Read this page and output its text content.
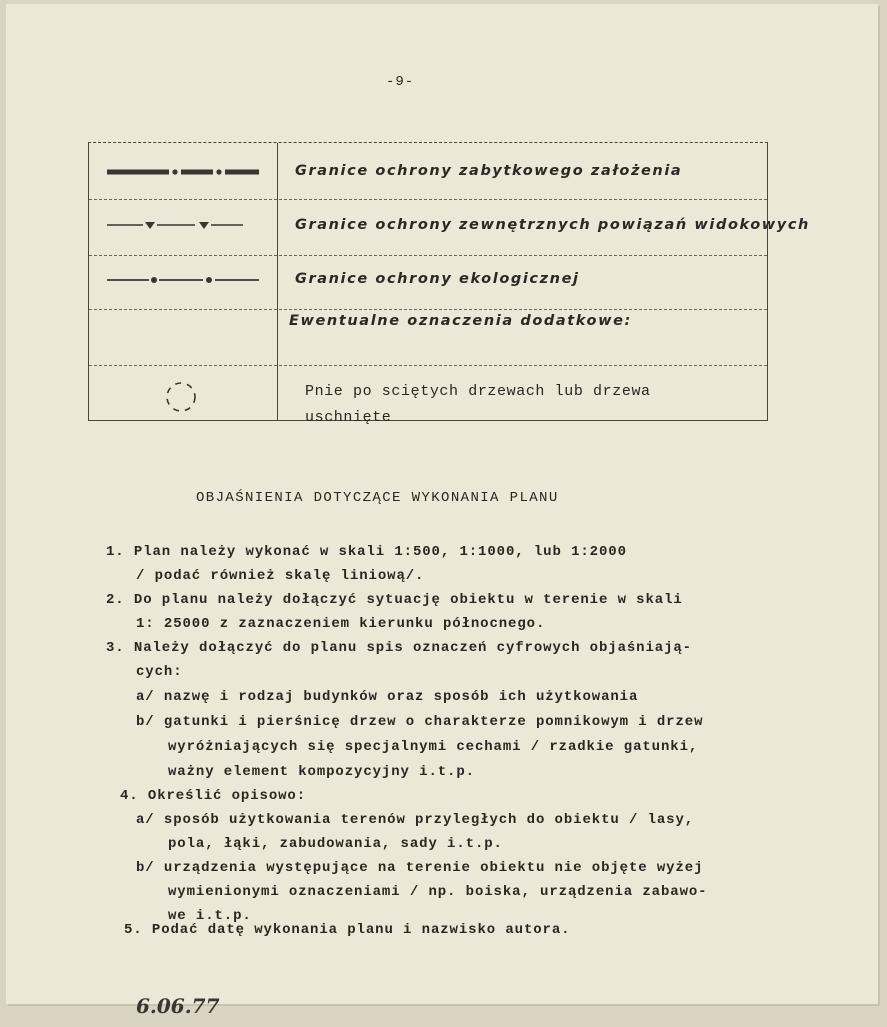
-9-
Granice ochrony zabytkowego założenia
Granice ochrony zewnętrznych powiązań widokowych
Granice ochrony ekologicznej
Ewentualne oznaczenia dodatkowe:
Pnie po sciętych drzewach lub drzewa
uschnięte
OBJAŚNIENIA DOTYCZĄCE WYKONANIA PLANU
1. Plan należy wykonać w skali 1:500, 1:1000, lub 1:2000
/ podać również skalę liniową/.
2. Do planu należy dołączyć sytuację obiektu w terenie w skali
1: 25000 z zaznaczeniem kierunku północnego.
3. Należy dołączyć do planu spis oznaczeń cyfrowych objaśniają-
cych:
a/ nazwę i rodzaj budynków oraz sposób ich użytkowania
b/ gatunki i pierśnicę drzew o charakterze pomnikowym i drzew
wyróżniających się specjalnymi cechami / rzadkie gatunki,
ważny element kompozycyjny i.t.p.
4. Określić opisowo:
a/ sposób użytkowania terenów przyległych do obiektu / lasy,
pola, łąki, zabudowania, sady i.t.p.
b/ urządzenia występujące na terenie obiektu nie objęte wyżej
wymienionymi oznaczeniami / np. boiska, urządzenia zabawo-
we i.t.p.
5. Podać datę wykonania planu i nazwisko autora.
6.06.77
